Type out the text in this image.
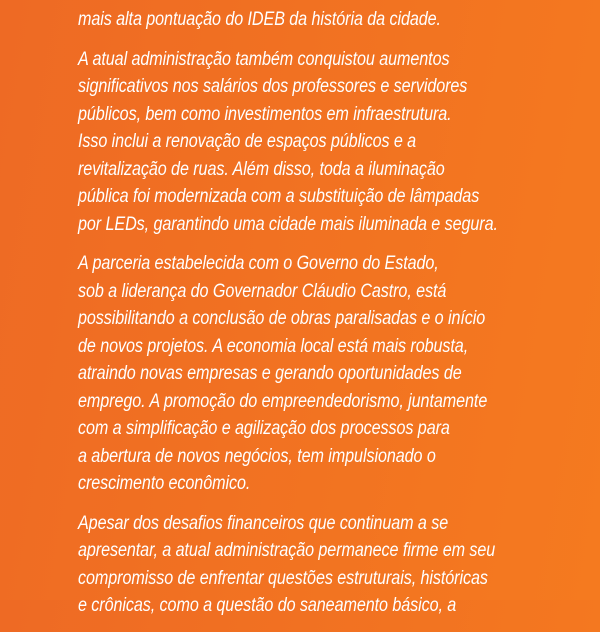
mais alta pontuação do IDEB da história da cidade.
A atual administração também conquistou aumentos
significativos nos salários dos professores e servidores
públicos, bem como investimentos em infraestrutura.
Isso inclui a renovação de espaços públicos e a
revitalização de ruas. Além disso, toda a iluminação
pública foi modernizada com a substituição de lâmpadas
por LEDs, garantindo uma cidade mais iluminada e segura.
A parceria estabelecida com o Governo do Estado,
sob a liderança do Governador Cláudio Castro, está
possibilitando a conclusão de obras paralisadas e o início
de novos projetos. A economia local está mais robusta,
atraindo novas empresas e gerando oportunidades de
emprego. A promoção do empreendedorismo, juntamente
com a simplificação e agilização dos processos para
a abertura de novos negócios, tem impulsionado o
crescimento econômico.
Apesar dos desafios financeiros que continuam a se
apresentar, a atual administração permanece firme em seu
compromisso de enfrentar questões estruturais, históricas
e crônicas, como a questão do saneamento básico, a
